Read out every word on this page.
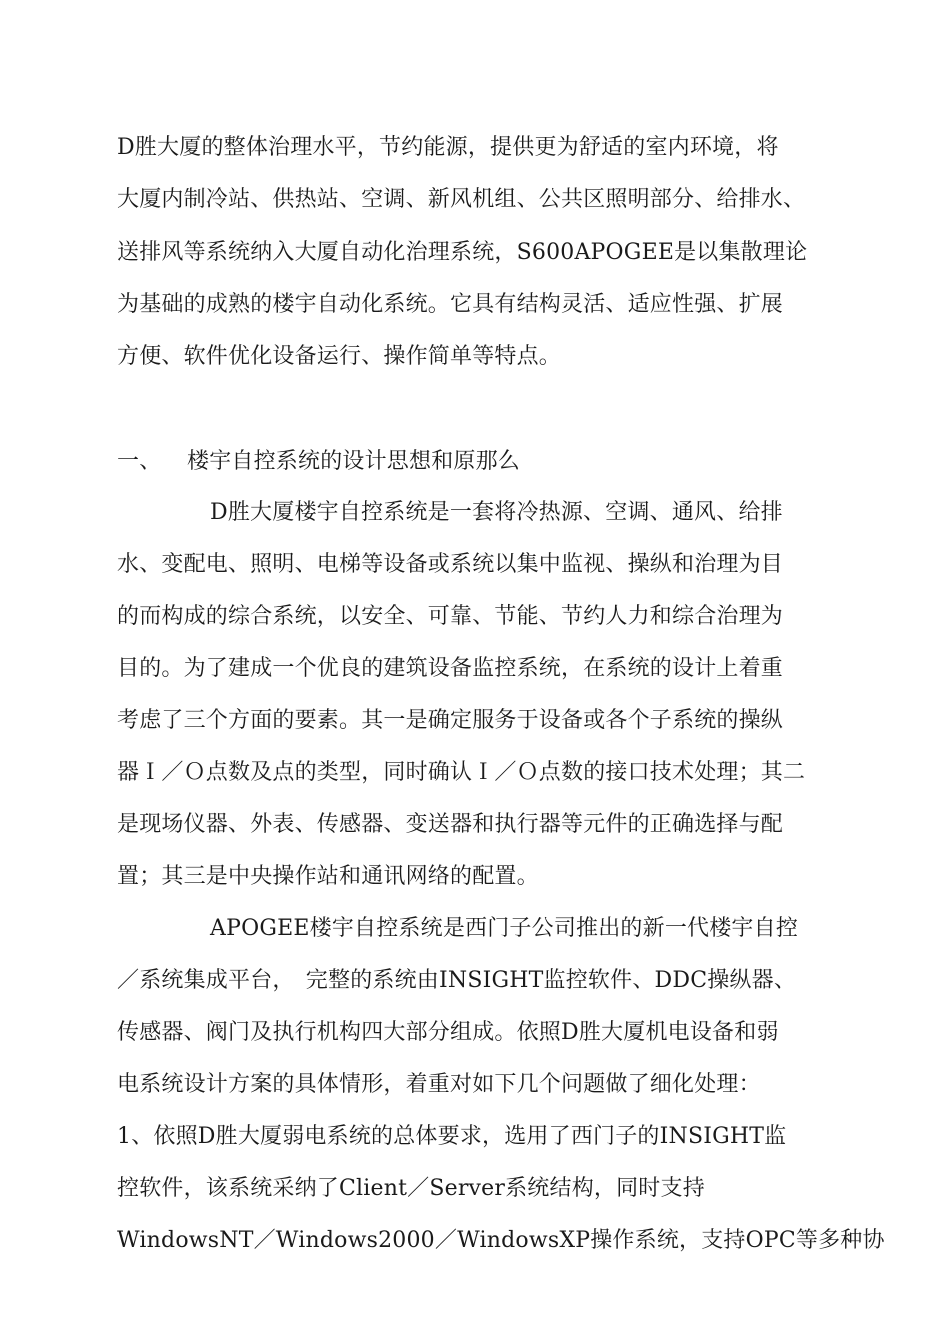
D胜大厦的整体治理水平，节约能源，提供更为舒适的室内环境，将
大厦内制冷站、供热站、空调、新风机组、公共区照明部分、给排水、
送排风等系统纳入大厦自动化治理系统，S600APOGEE是以集散理论
为基础的成熟的楼宇自动化系统。它具有结构灵活、适应性强、扩展
方便、软件优化设备运行、操作简单等特点。
一、 楼宇自控系统的设计思想和原那么
D胜大厦楼宇自控系统是一套将冷热源、空调、通风、给排
水、变配电、照明、电梯等设备或系统以集中监视、操纵和治理为目
的而构成的综合系统，以安全、可靠、节能、节约人力和综合治理为
目的。为了建成一个优良的建筑设备监控系统，在系统的设计上着重
考虑了三个方面的要素。其一是确定服务于设备或各个子系统的操纵
器Ｉ／Ｏ点数及点的类型，同时确认Ｉ／Ｏ点数的接口技术处理；其二
是现场仪器、外表、传感器、变送器和执行器等元件的正确选择与配
置；其三是中央操作站和通讯网络的配置。
APOGEE楼宇自控系统是西门子公司推出的新一代楼宇自控
／系统集成平台，　完整的系统由INSIGHT监控软件、DDC操纵器、
传感器、阀门及执行机构四大部分组成。依照D胜大厦机电设备和弱
电系统设计方案的具体情形，着重对如下几个问题做了细化处理：
1、依照D胜大厦弱电系统的总体要求，选用了西门子的INSIGHT监
控软件，该系统采纳了Client／Server系统结构，同时支持
WindowsNT／Windows2000／WindowsXP操作系统，支持OPC等多种协
